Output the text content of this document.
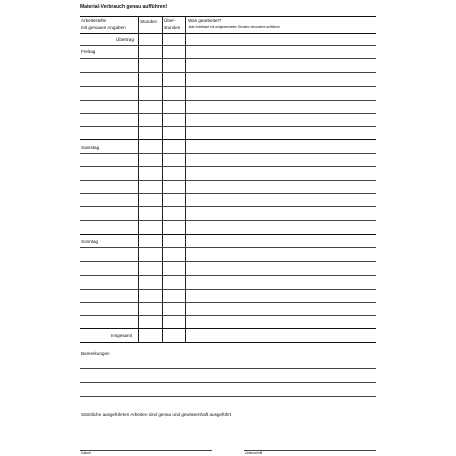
Material-Verbrauch genau aufführen!
Arbeitsstelle
mit genauen Angaben
Stunden Über-
stunden
Was gearbeitet?
Jede Arbeitsart mit aufgewendeten Stunden besonders aufführen
Übertrag
Freitag
Samstag
Sonntag
Insgesamt
Bemerkungen
Sämtliche ausgeführten Arbeiten sind genau und gewissenhaft ausgeführt
Datum	Unterschrift
